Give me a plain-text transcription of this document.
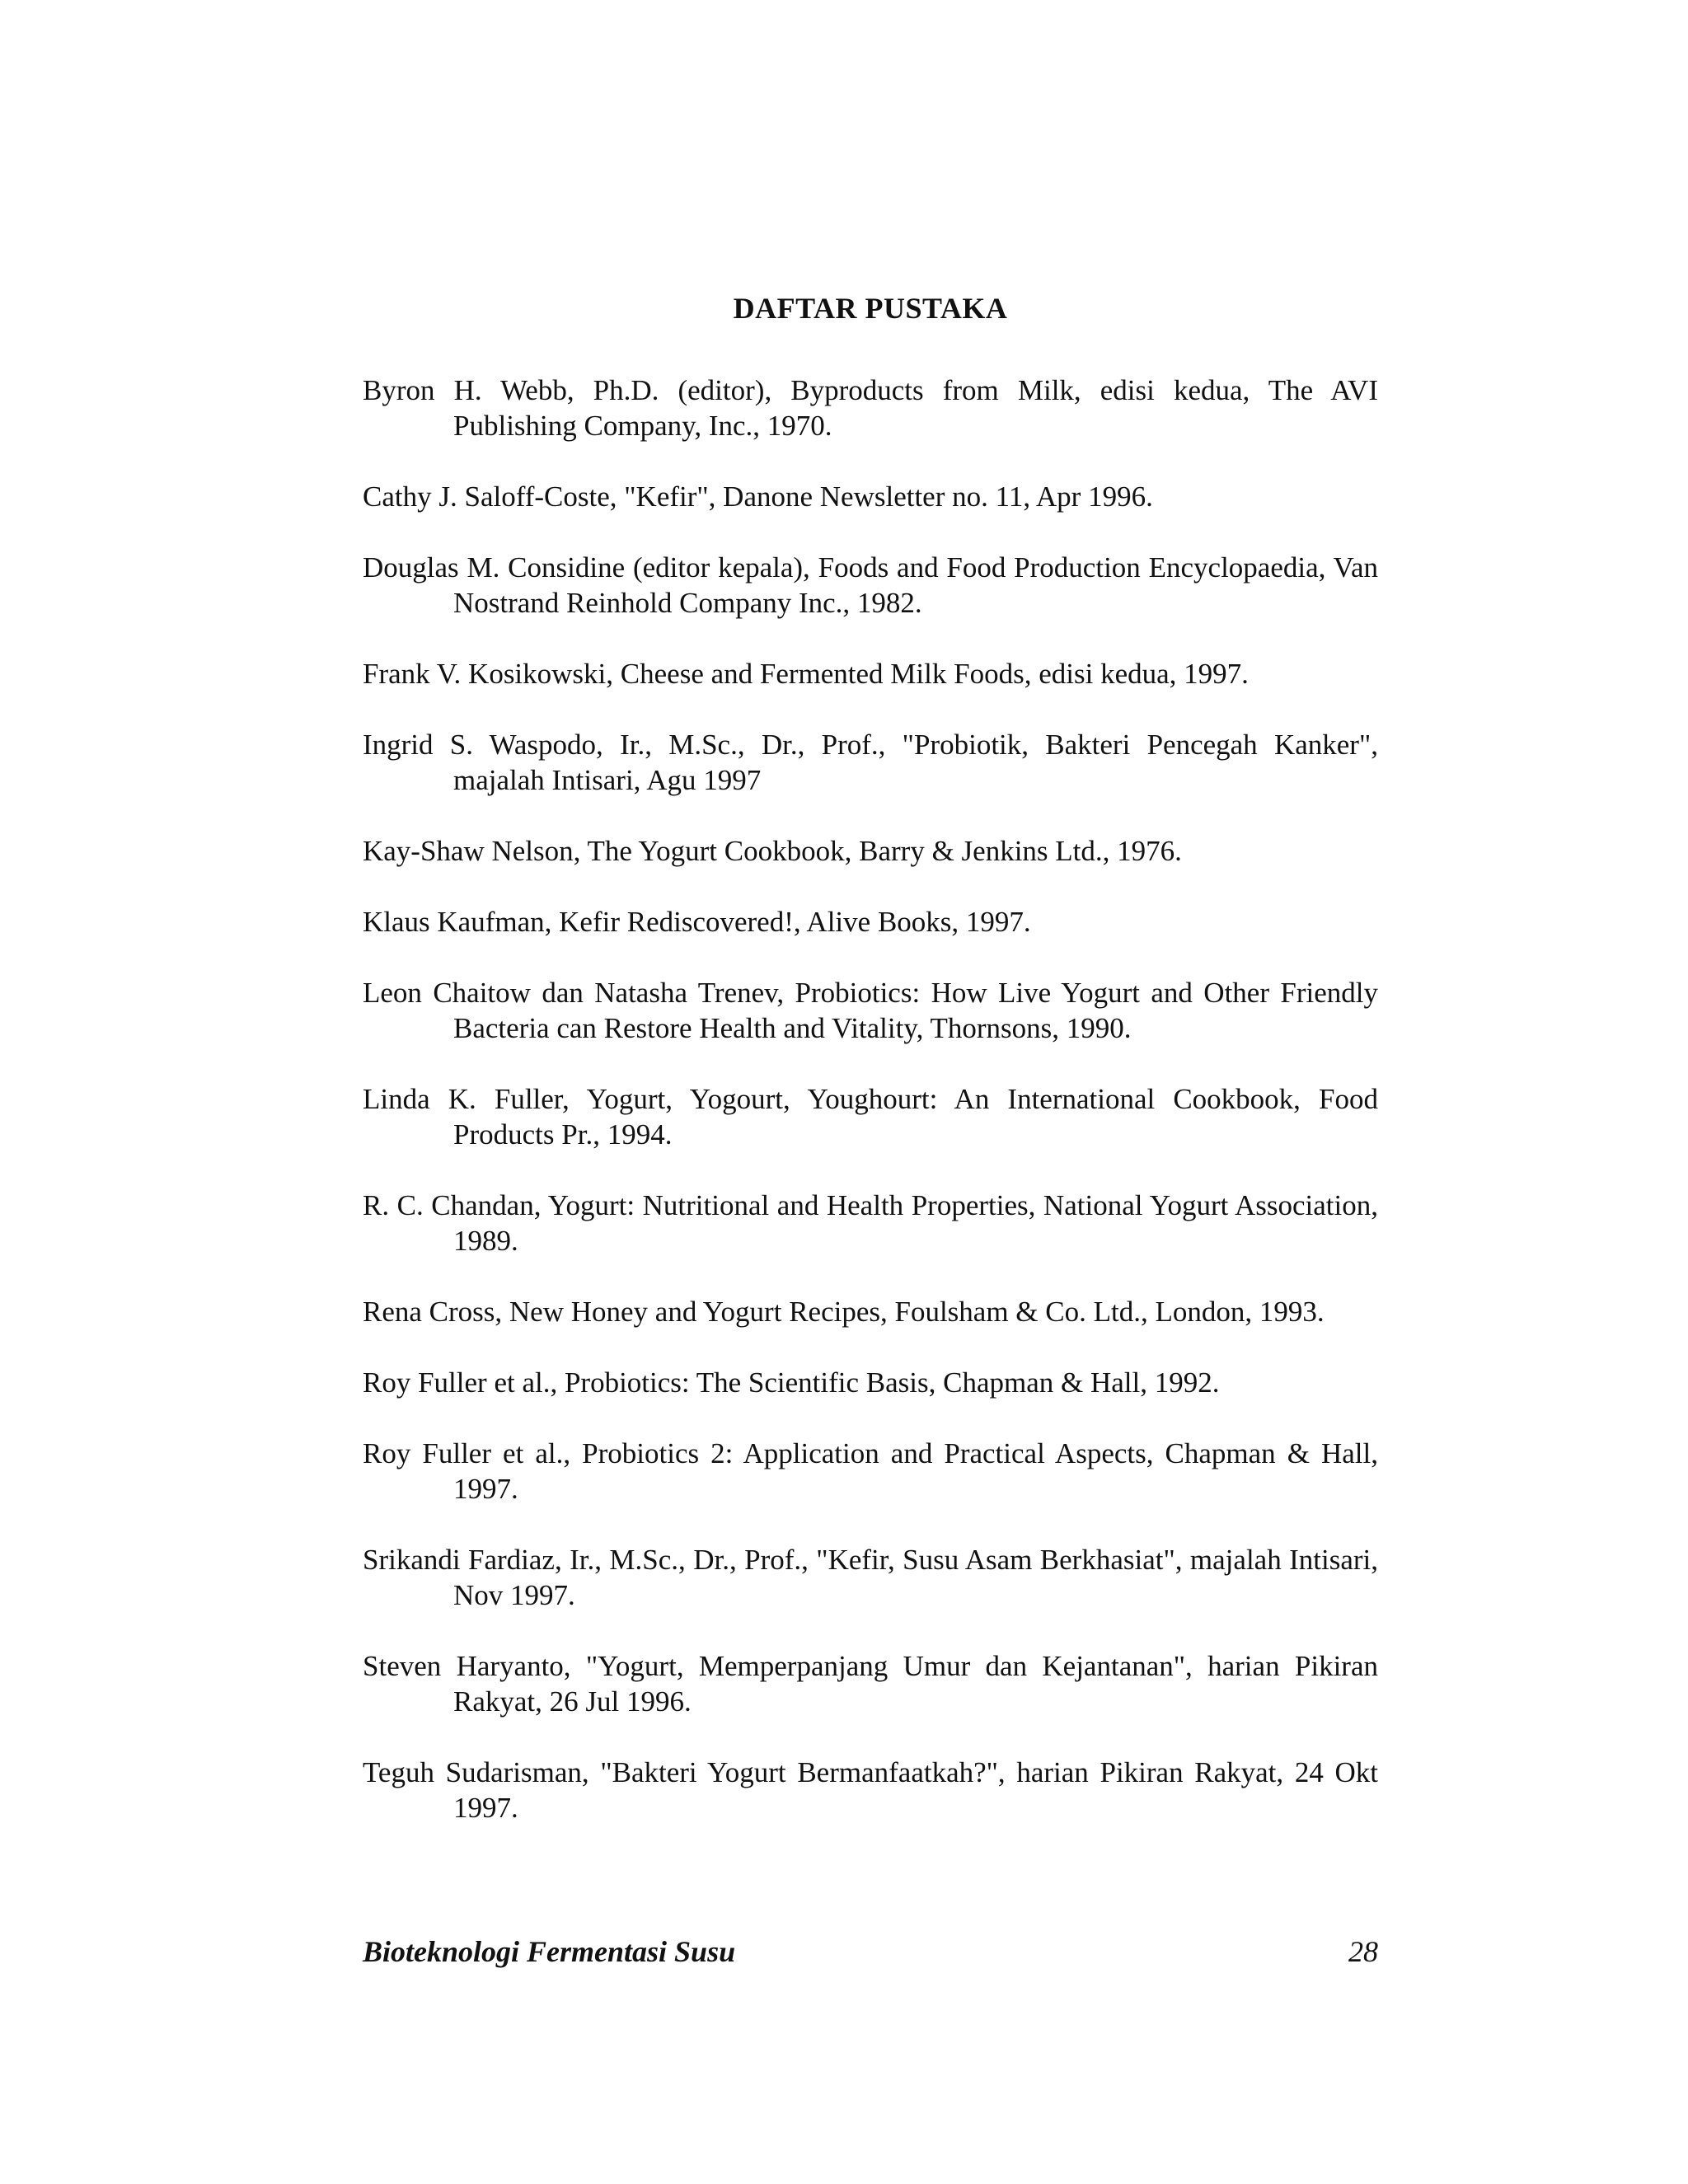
DAFTAR PUSTAKA
Byron H. Webb, Ph.D. (editor), Byproducts from Milk, edisi kedua, The AVI Publishing Company, Inc., 1970.
Cathy J. Saloff-Coste, "Kefir", Danone Newsletter no. 11, Apr 1996.
Douglas M. Considine (editor kepala), Foods and Food Production Encyclopaedia, Van Nostrand Reinhold Company Inc., 1982.
Frank V. Kosikowski, Cheese and Fermented Milk Foods, edisi kedua, 1997.
Ingrid S. Waspodo, Ir., M.Sc., Dr., Prof., "Probiotik, Bakteri Pencegah Kanker", majalah Intisari, Agu 1997
Kay-Shaw Nelson, The Yogurt Cookbook, Barry & Jenkins Ltd., 1976.
Klaus Kaufman, Kefir Rediscovered!, Alive Books, 1997.
Leon Chaitow dan Natasha Trenev, Probiotics: How Live Yogurt and Other Friendly Bacteria can Restore Health and Vitality, Thornsons, 1990.
Linda K. Fuller, Yogurt, Yogourt, Youghourt: An International Cookbook, Food Products Pr., 1994.
R. C. Chandan, Yogurt: Nutritional and Health Properties, National Yogurt Association, 1989.
Rena Cross, New Honey and Yogurt Recipes, Foulsham & Co. Ltd., London, 1993.
Roy Fuller et al., Probiotics: The Scientific Basis, Chapman & Hall, 1992.
Roy Fuller et al., Probiotics 2: Application and Practical Aspects, Chapman & Hall, 1997.
Srikandi Fardiaz, Ir., M.Sc., Dr., Prof., "Kefir, Susu Asam Berkhasiat", majalah Intisari, Nov 1997.
Steven Haryanto, "Yogurt, Memperpanjang Umur dan Kejantanan", harian Pikiran Rakyat, 26 Jul 1996.
Teguh Sudarisman, "Bakteri Yogurt Bermanfaatkah?", harian Pikiran Rakyat, 24 Okt 1997.
Bioteknologi Fermentasi Susu	28
